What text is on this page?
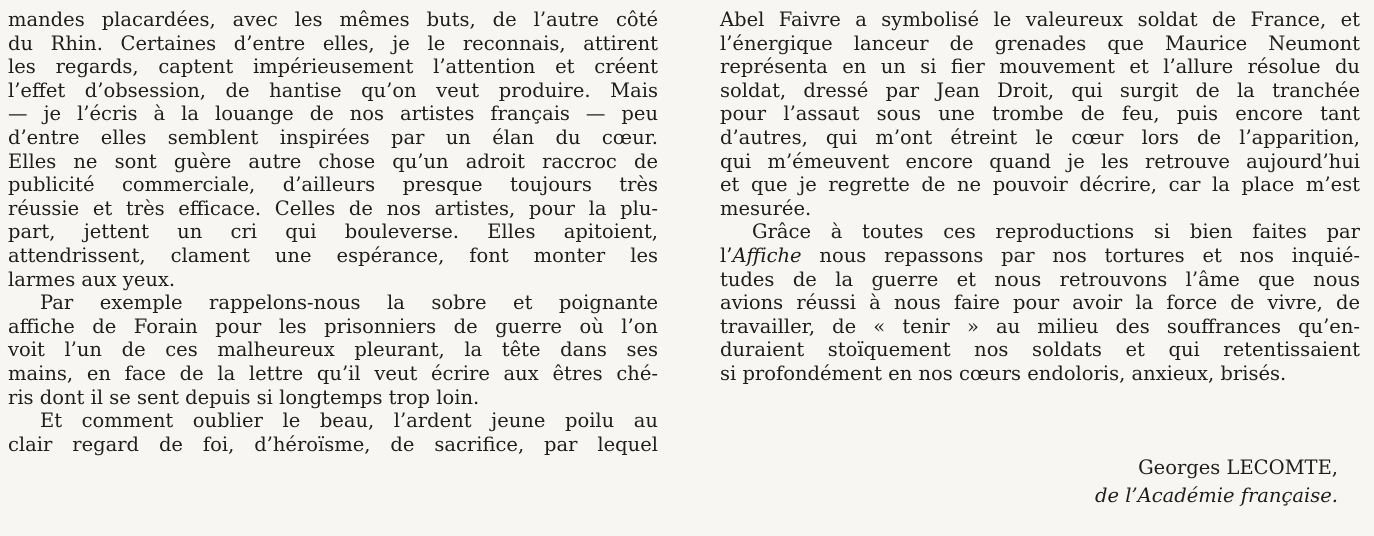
mandes placardées, avec les mêmes buts, de l’autre côté
du Rhin. Certaines d’entre elles, je le reconnais, attirent
les regards, captent impérieusement l’attention et créent
l’effet d’obsession, de hantise qu’on veut produire. Mais
— je l’écris à la louange de nos artistes français — peu
d’entre elles semblent inspirées par un élan du cœur.
Elles ne sont guère autre chose qu’un adroit raccroc de
publicité commerciale, d’ailleurs presque toujours très
réussie et très efficace. Celles de nos artistes, pour la plu-
part, jettent un cri qui bouleverse. Elles apitoient,
attendrissent, clament une espérance, font monter les
larmes aux yeux.
Par exemple rappelons-nous la sobre et poignante
affiche de Forain pour les prisonniers de guerre où l’on
voit l’un de ces malheureux pleurant, la tête dans ses
mains, en face de la lettre qu’il veut écrire aux êtres ché-
ris dont il se sent depuis si longtemps trop loin.
Et comment oublier le beau, l’ardent jeune poilu au
clair regard de foi, d’héroïsme, de sacrifice, par lequel
Abel Faivre a symbolisé le valeureux soldat de France, et
l’énergique lanceur de grenades que Maurice Neumont
représenta en un si fier mouvement et l’allure résolue du
soldat, dressé par Jean Droit, qui surgit de la tranchée
pour l’assaut sous une trombe de feu, puis encore tant
d’autres, qui m’ont étreint le cœur lors de l’apparition,
qui m’émeuvent encore quand je les retrouve aujourd’hui
et que je regrette de ne pouvoir décrire, car la place m’est
mesurée.
Grâce à toutes ces reproductions si bien faites par
l’Affiche nous repassons par nos tortures et nos inquié-
tudes de la guerre et nous retrouvons l’âme que nous
avions réussi à nous faire pour avoir la force de vivre, de
travailler, de « tenir » au milieu des souffrances qu’en-
duraient stoïquement nos soldats et qui retentissaient
si profondément en nos cœurs endoloris, anxieux, brisés.
Georges LECOMTE,
de l’Académie française.
